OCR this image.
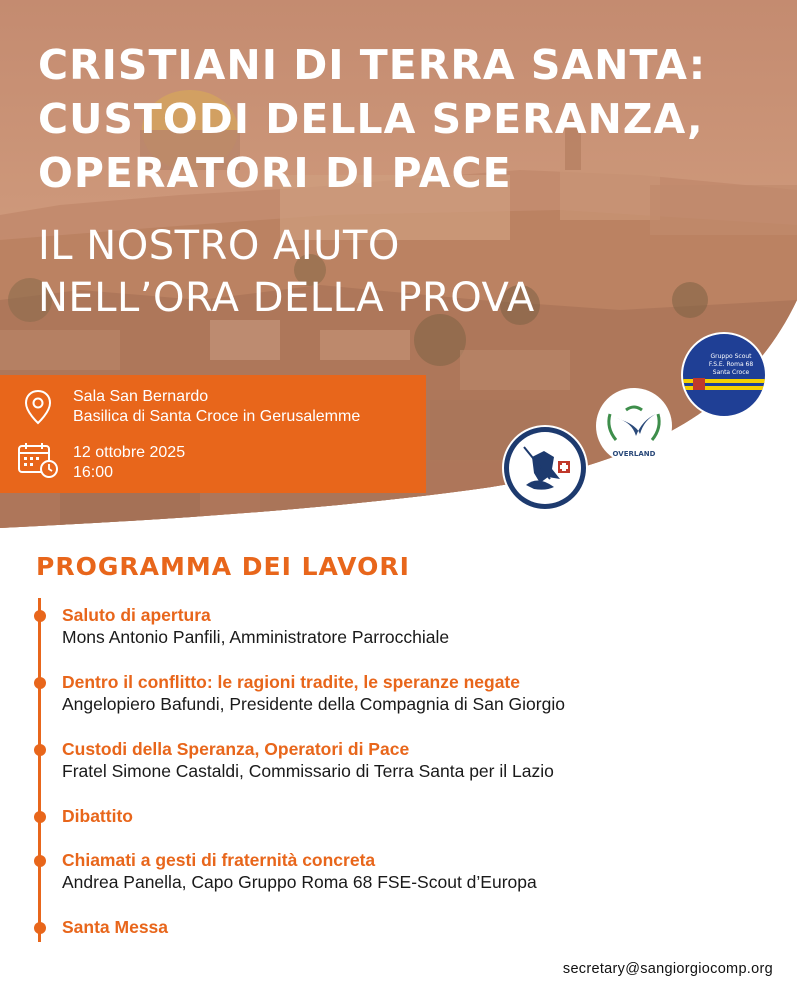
CRISTIANI DI TERRA SANTA:
CUSTODI DELLA SPERANZA,
OPERATORI DI PACE
IL NOSTRO AIUTO
NELL’ORA DELLA PROVA
Sala San Bernardo
Basilica di Santa Croce in Gerusalemme
12 ottobre 2025
16:00
OVERLAND
Gruppo Scout
F.S.E. Roma 68
Santa Croce
PROGRAMMA DEI LAVORI
Saluto di apertura
Mons Antonio Panfili, Amministratore Parrocchiale
Dentro il conflitto: le ragioni tradite, le speranze negate
Angelopiero Bafundi, Presidente della Compagnia di San Giorgio
Custodi della Speranza, Operatori di Pace
Fratel Simone Castaldi, Commissario di Terra Santa per il Lazio
Dibattito
Chiamati a gesti di fraternità concreta
Andrea Panella, Capo Gruppo Roma 68 FSE-Scout d’Europa
Santa Messa
secretary@sangiorgiocomp.org
